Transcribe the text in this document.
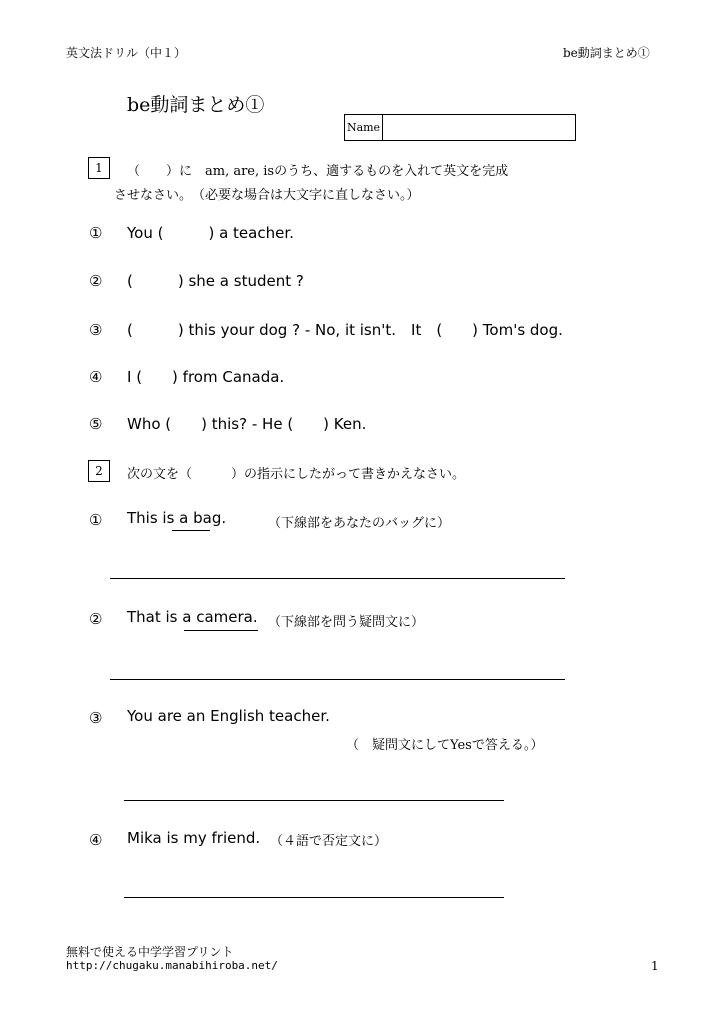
英文法ドリル（中１）	be動詞まとめ①
be動詞まとめ①
Name
1	（　　）に　am, are, isのうち、適するものを入れて英文を完成
させなさい。　（必要な場合は大文字に直しなさい。）
① You (　　　) a teacher.
② (　　　) she a student ?
③ (　　　) this your dog ? - No, it isn't.　It　(　　) Tom's dog.
④ I (　　) from Canada.
⑤ Who (　　) this? - He (　　) Ken.
2	次の文を（　　　）の指示にしたがって書きかえなさい。
① This is a bag.	（下線部をあなたのバッグに）
② That is a camera. （下線部を問う疑問文に）
③ You are an English teacher.
（　疑問文にしてYesで答える。）
④ Mika is my friend. （４語で否定文に）
無料で使える中学学習プリント
http://chugaku.manabihiroba.net/	1
